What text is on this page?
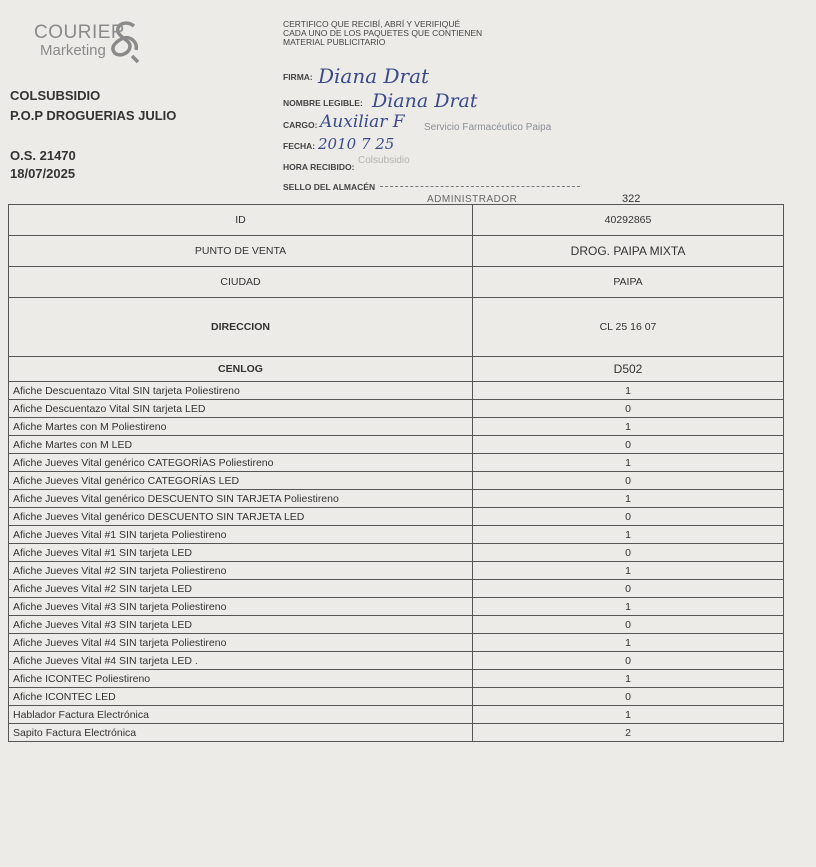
COURIER
Marketing
COLSUBSIDIO
P.O.P DROGUERIAS JULIO
O.S. 21470
18/07/2025
CERTIFICO QUE RECIBÍ, ABRÍ Y VERIFIQUÉ CADA UNO DE LOS PAQUETES QUE CONTIENEN MATERIAL PUBLICITARIO
FIRMA: Diana Drat
NOMBRE LEGIBLE: Diana Drat
CARGO: Auxiliar F Servicio Farmacéutico Paipa
FECHA: 2010 7 25
HORA RECIBIDO:
Colsubsidio
SELLO DEL ALMACÉN
ADMINISTRADOR	322
ID	40292865
PUNTO DE VENTA	DROG. PAIPA MIXTA
CIUDAD	PAIPA
DIRECCION	CL 25 16 07
CENLOG	D502
Afiche Descuentazo Vital SIN tarjeta Poliestireno	1
Afiche Descuentazo Vital SIN tarjeta LED	0
Afiche Martes con M Poliestireno	1
Afiche Martes con M LED	0
Afiche Jueves Vital genérico CATEGORÍAS Poliestireno	1
Afiche Jueves Vital genérico CATEGORÍAS LED	0
Afiche Jueves Vital genérico DESCUENTO SIN TARJETA Poliestireno	1
Afiche Jueves Vital genérico DESCUENTO SIN TARJETA LED	0
Afiche Jueves Vital #1 SIN tarjeta Poliestireno	1
Afiche Jueves Vital #1 SIN tarjeta LED	0
Afiche Jueves Vital #2 SIN tarjeta Poliestireno	1
Afiche Jueves Vital #2 SIN tarjeta LED	0
Afiche Jueves Vital #3 SIN tarjeta Poliestireno	1
Afiche Jueves Vital #3 SIN tarjeta LED	0
Afiche Jueves Vital #4 SIN tarjeta Poliestireno	1
Afiche Jueves Vital #4 SIN tarjeta LED .	0
Afiche ICONTEC Poliestireno	1
Afiche ICONTEC LED	0
Hablador Factura Electrónica	1
Sapito Factura Electrónica	2
